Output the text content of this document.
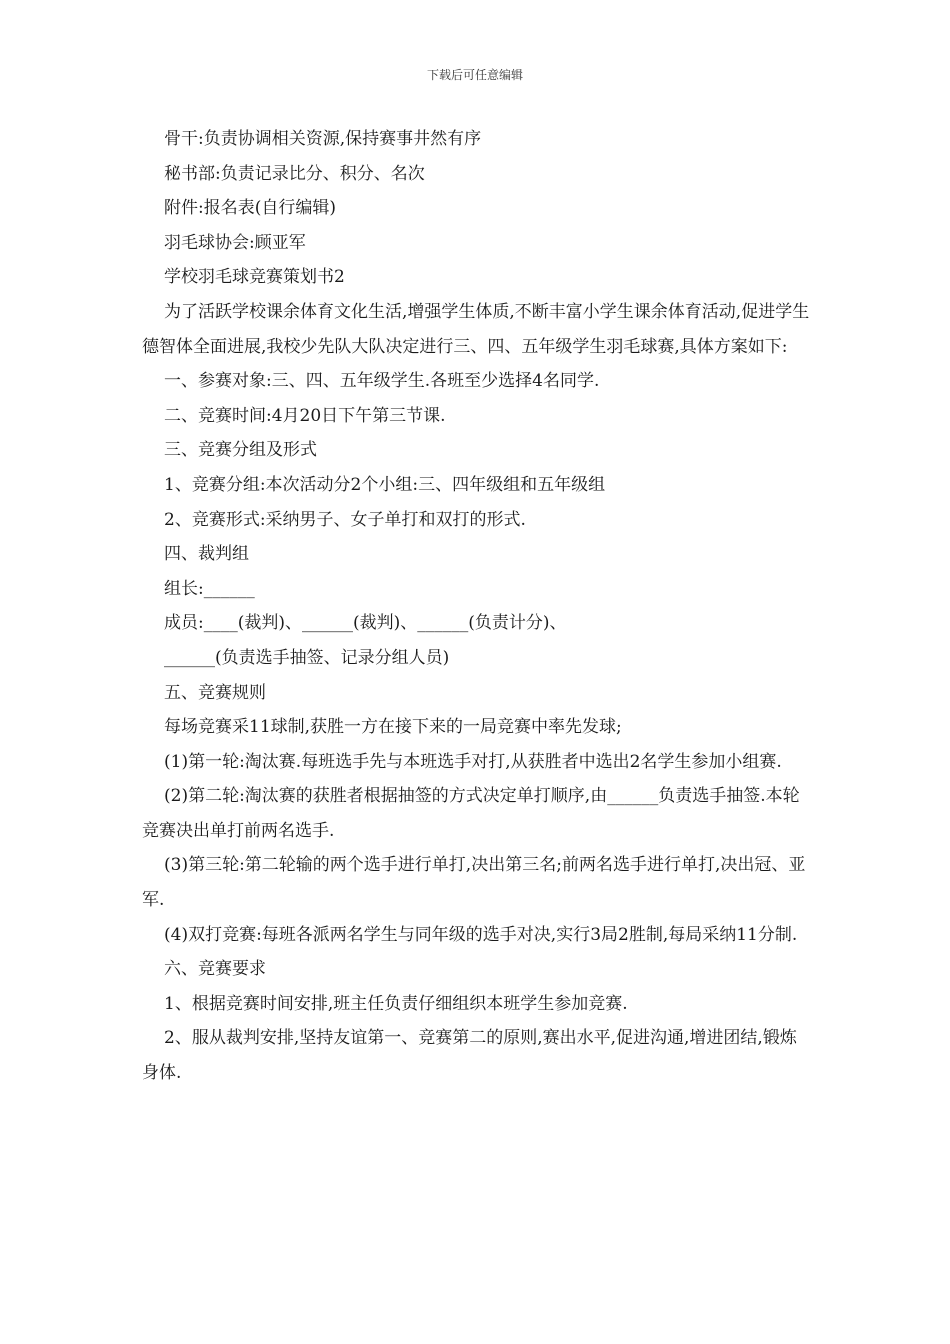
下载后可任意编辑

骨干:负责协调相关资源,保持赛事井然有序

秘书部:负责记录比分、积分、名次

附件:报名表(自行编辑)

羽毛球协会:顾亚军

学校羽毛球竞赛策划书2

为了活跃学校课余体育文化生活,增强学生体质,不断丰富小学生课余体育活动,促进学生德智体全面进展,我校少先队大队决定进行三、四、五年级学生羽毛球赛,具体方案如下:

一、参赛对象:三、四、五年级学生.各班至少选择4名同学.

二、竞赛时间:4月20日下午第三节课.

三、竞赛分组及形式

1、竞赛分组:本次活动分2个小组:三、四年级组和五年级组

2、竞赛形式:采纳男子、女子单打和双打的形式.

四、裁判组

组长:______

成员:____(裁判)、______(裁判)、______(负责计分)、

______(负责选手抽签、记录分组人员)

五、竞赛规则

每场竞赛采11球制,获胜一方在接下来的一局竞赛中率先发球;

(1)第一轮:淘汰赛.每班选手先与本班选手对打,从获胜者中选出2名学生参加小组赛.

(2)第二轮:淘汰赛的获胜者根据抽签的方式决定单打顺序,由______负责选手抽签.本轮竞赛决出单打前两名选手.

(3)第三轮:第二轮输的两个选手进行单打,决出第三名;前两名选手进行单打,决出冠、亚军.

(4)双打竞赛:每班各派两名学生与同年级的选手对决,实行3局2胜制,每局采纳11分制.

六、竞赛要求

1、根据竞赛时间安排,班主任负责仔细组织本班学生参加竞赛.

2、服从裁判安排,坚持友谊第一、竞赛第二的原则,赛出水平,促进沟通,增进团结,锻炼身体.
